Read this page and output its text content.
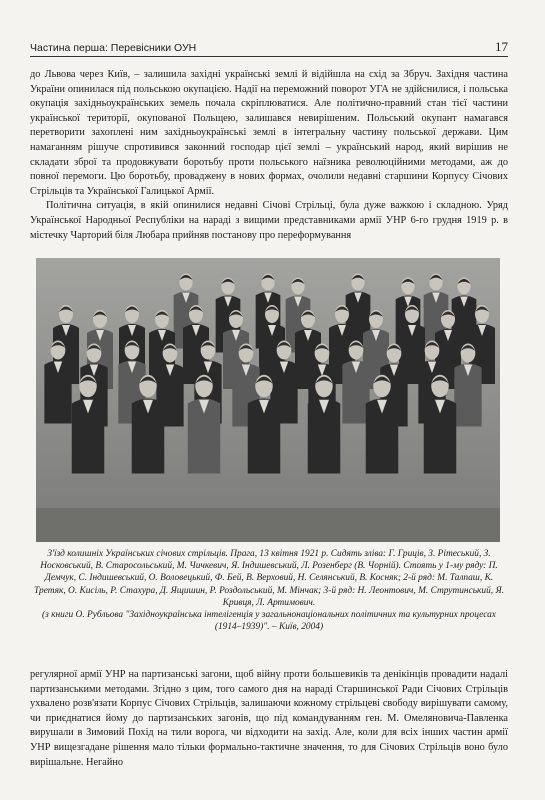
Частина перша: Перевісники ОУН	17

до Львова через Київ, – залишила західні українські землі й відійшла на схід за Збруч. Західня частина України опинилася під польською окупацією. Надії на переможний поворот УГА не здійснилися, і польська окупація західньоукраїнських земель почала скріплюватися. Але політично-правний стан тієї частини української території, окупованої Польщею, залишався невирішеним. Польський окупант намагався перетворити захоплені ним західньоукраїнські землі в інтегральну частину польської держави. Цим намаганням рішуче спротивився законний господар цієї землі – український народ, який вирішив не складати зброї та продовжувати боротьбу проти польського наїзника революційними методами, аж до повної перемоги. Цю боротьбу, проваджену в нових формах, очолили недавні старшини Корпусу Січових Стрільців та Української Галицької Армії.

Політична ситуація, в якій опинилися недавні Січові Стрільці, була дуже важкою і складною. Уряд Української Народньої Республіки на нараді з вищими представниками армії УНР 6-го грудня 1919 р. в містечку Чарторий біля Любара прийняв постанову про переформування

З'їзд колишніх Українських січових стрільців. Прага, 13 квітня 1921 р. Сидять зліва: Г. Гриців, З. Рітеський, З. Носковський, В. Старосольський, М. Чичкевич, Я. Індишевський, Л. Розенберг (В. Чорній). Стоять у 1-му ряду: П. Демчук, С. Індишевський, О. Воловецький, Ф. Бей, В. Верховий, Н. Селянський, В. Косняк; 2-й ряд: М. Талпаш, К. Третяк, О. Кисіль, Р. Стахура, Д. Ящишин, Р. Роздольський, М. Мінчак; 3-й ряд: Н. Леонтович, М. Струтинський, Я. Кривця, Л. Артимович.
(з книги О. Рубльова "Західноукраїнська інтелігенція у загальнонаціональних політичних та культурних процесах (1914–1939)". – Київ, 2004)

регулярної армії УНР на партизанські загони, щоб війну проти большевиків та денікінців провадити надалі партизанськими методами. Згідно з цим, того самого дня на нараді Старшинської Ради Січових Стрільців ухвалено розв'язати Корпус Січових Стрільців, залишаючи кожному стрільцеві свободу вирішувати самому, чи приєднатися йому до партизанських загонів, що під командуванням ген. М. Омеляновича-Павленка вирушали в Зимовий Похід на тили ворога, чи відходити на захід. Але, коли для всіх інших частин армії УНР вищезгадане рішення мало тільки формально-тактичне значення, то для Січових Стрільців воно було вирішальне. Негайно
